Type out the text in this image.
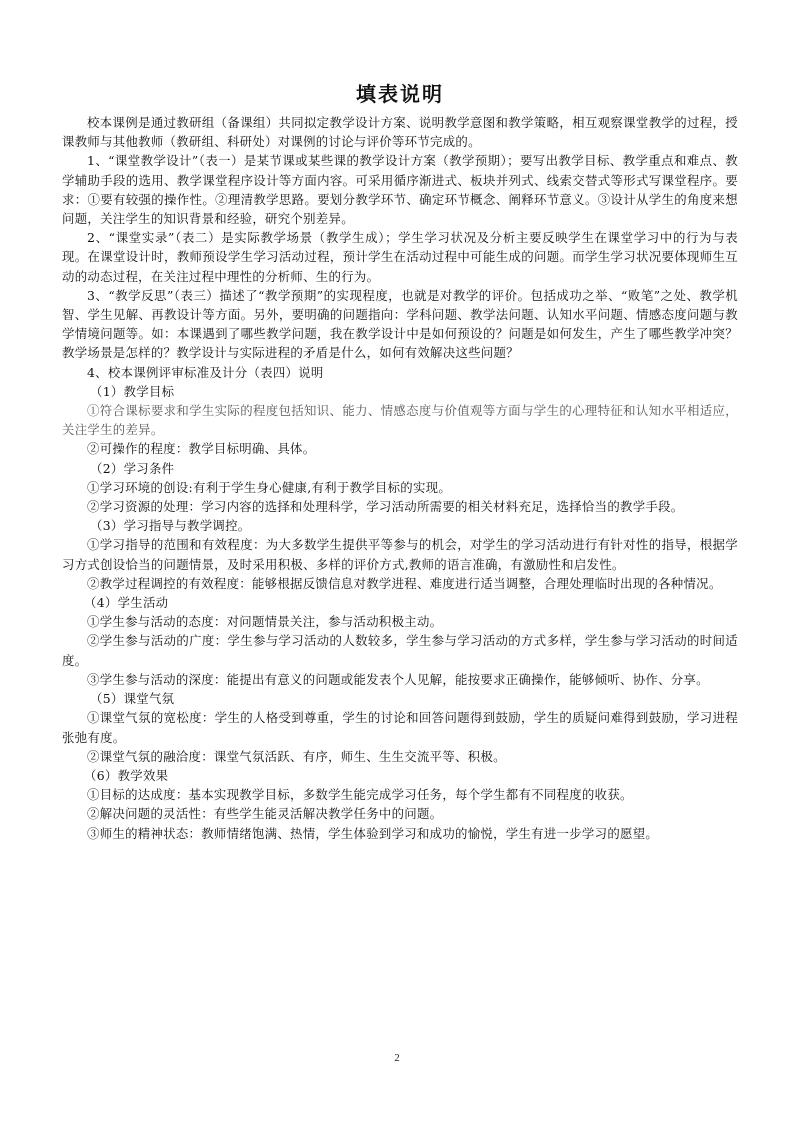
填表说明

校本课例是通过教研组（备课组）共同拟定教学设计方案、说明教学意图和教学策略，相互观察课堂教学的过程，授课教师与其他教师（教研组、科研处）对课例的讨论与评价等环节完成的。

1、“课堂教学设计”（表一）是某节课或某些课的教学设计方案（教学预期）；要写出教学目标、教学重点和难点、教学辅助手段的选用、教学课堂程序设计等方面内容。可采用循序渐进式、板块并列式、线索交替式等形式写课堂程序。要求：①要有较强的操作性。②理清教学思路。要划分教学环节、确定环节概念、阐释环节意义。③设计从学生的角度来想问题，关注学生的知识背景和经验，研究个别差异。

2、“课堂实录”（表二）是实际教学场景（教学生成）；学生学习状况及分析主要反映学生在课堂学习中的行为与表现。在课堂设计时，教师预设学生学习活动过程，预计学生在活动过程中可能生成的问题。而学生学习状况要体现师生互动的动态过程，在关注过程中理性的分析师、生的行为。

3、“教学反思”（表三）描述了“教学预期”的实现程度，也就是对教学的评价。包括成功之举、“败笔”之处、教学机智、学生见解、再教设计等方面。另外，要明确的问题指向：学科问题、教学法问题、认知水平问题、情感态度问题与教学情境问题等。如：本课遇到了哪些教学问题，我在教学设计中是如何预设的？问题是如何发生，产生了哪些教学冲突？教学场景是怎样的？教学设计与实际进程的矛盾是什么，如何有效解决这些问题？

4、校本课例评审标准及计分（表四）说明

（1）教学目标

①符合课标要求和学生实际的程度包括知识、能力、情感态度与价值观等方面与学生的心理特征和认知水平相适应，关注学生的差异。

②可操作的程度：教学目标明确、具体。

（2）学习条件

①学习环境的创设:有利于学生身心健康,有利于教学目标的实现。

②学习资源的处理：学习内容的选择和处理科学，学习活动所需要的相关材料充足，选择恰当的教学手段。

（3）学习指导与教学调控。

①学习指导的范围和有效程度：为大多数学生提供平等参与的机会，对学生的学习活动进行有针对性的指导，根据学习方式创设恰当的问题情景，及时采用积极、多样的评价方式,教师的语言准确，有激励性和启发性。

②教学过程调控的有效程度：能够根据反馈信息对教学进程、难度进行适当调整，合理处理临时出现的各种情况。

（4）学生活动

①学生参与活动的态度：对问题情景关注，参与活动积极主动。

②学生参与活动的广度：学生参与学习活动的人数较多，学生参与学习活动的方式多样，学生参与学习活动的时间适度。

③学生参与活动的深度：能提出有意义的问题或能发表个人见解，能按要求正确操作，能够倾听、协作、分享。

（5）课堂气氛

①课堂气氛的宽松度：学生的人格受到尊重，学生的讨论和回答问题得到鼓励，学生的质疑问难得到鼓励，学习进程张弛有度。

②课堂气氛的融洽度：课堂气氛活跃、有序，师生、生生交流平等、积极。

（6）教学效果

①目标的达成度：基本实现教学目标，多数学生能完成学习任务，每个学生都有不同程度的收获。

②解决问题的灵活性：有些学生能灵活解决教学任务中的问题。

③师生的精神状态：教师情绪饱满、热情，学生体验到学习和成功的愉悦，学生有进一步学习的愿望。

2
